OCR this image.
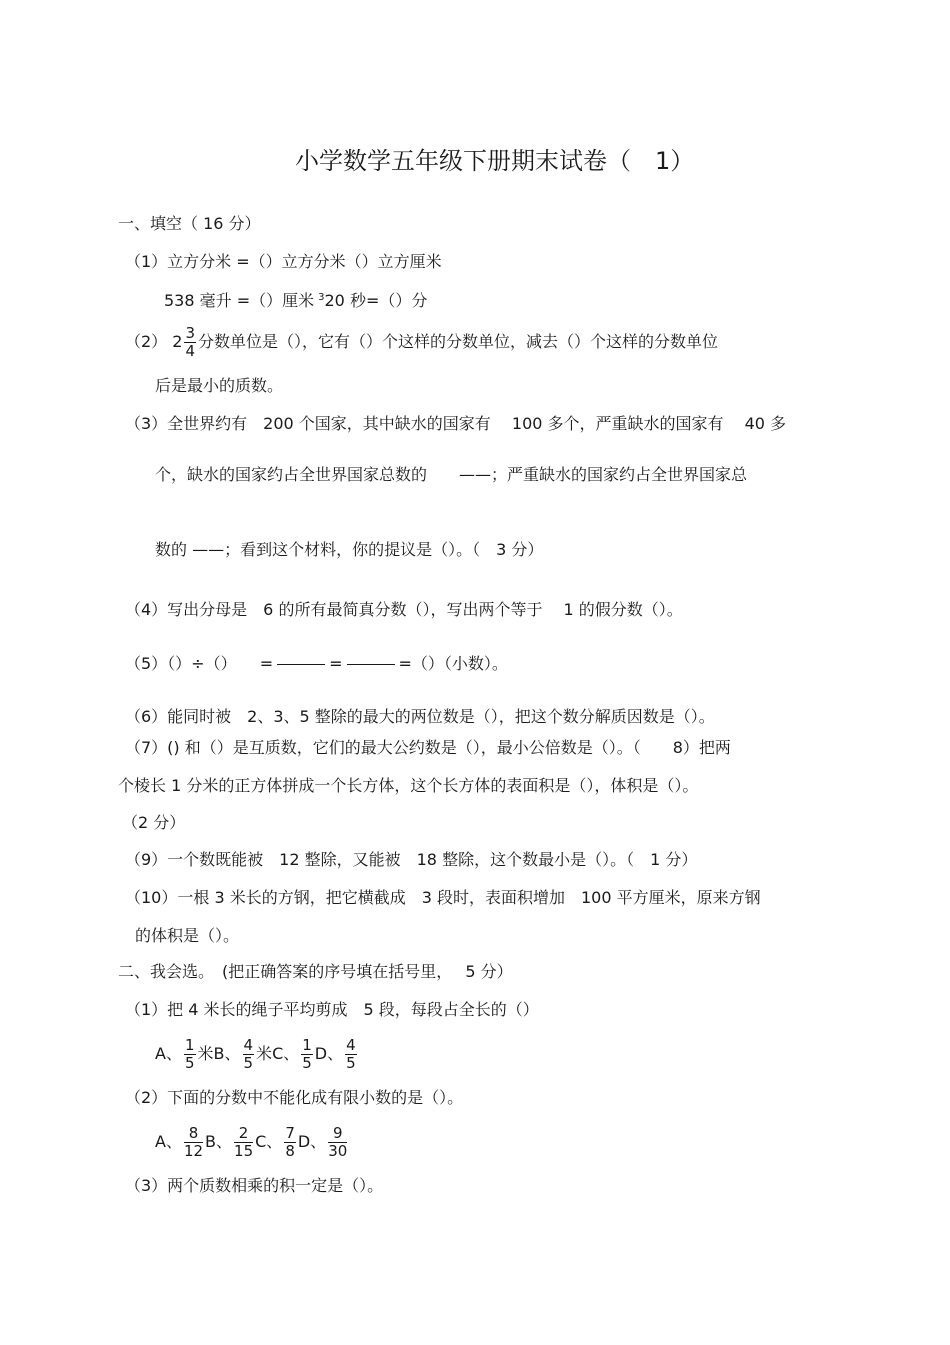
小学数学五年级下册期末试卷（　1）
一、填空（ 16 分）
（1）立方分米 =（）立方分米（）立方厘米
538 毫升 =（）厘米 $^3$20 秒=（）分
（2） $2 \frac{3}{4}$ 分数单位是（），它有（）个这样的分数单位，减去（）个这样的分数单位
后是最小的质数。
（3）全世界约有　200 个国家，其中缺水的国家有　 100 多个，严重缺水的国家有　 40 多
个，缺水的国家约占全世界国家总数的　　——；严重缺水的国家约占全世界国家总
数的 ——；看到这个材料，你的提议是（）。（　3 分）
（4）写出分母是　6 的所有最简真分数（），写出两个等于　 1 的假分数（）。
（5）（）÷（） =	=	=（）（小数）。
（6）能同时被　2、3、5 整除的最大的两位数是（），把这个数分解质因数是（）。
（7）() 和（）是互质数，它们的最大公约数是（），最小公倍数是（）。（　　8）把两
个棱长 1 分米的正方体拼成一个长方体，这个长方体的表面积是（），体积是（）。
（2 分）
（9）一个数既能被　12 整除，又能被　18 整除，这个数最小是（）。（　1 分）
（10）一根 3 米长的方钢，把它横截成　3 段时，表面积增加　100 平方厘米，原来方钢
的体积是（）。
二、我会选。　(把正确答案的序号填在括号里，　 5 分）
（1）把 4 米长的绳子平均剪成　5 段，每段占全长的（）
A、 $\frac{1}{5}$ 米B、 $\frac{4}{5}$ 米C、 $\frac{1}{5}$ D、 $\frac{4}{5}$
（2）下面的分数中不能化成有限小数的是（）。
A、 $\frac{8}{12}$ B、 $\frac{2}{15}$ C、 $\frac{7}{8}$ D、 $\frac{9}{30}$
（3）两个质数相乘的积一定是（）。
